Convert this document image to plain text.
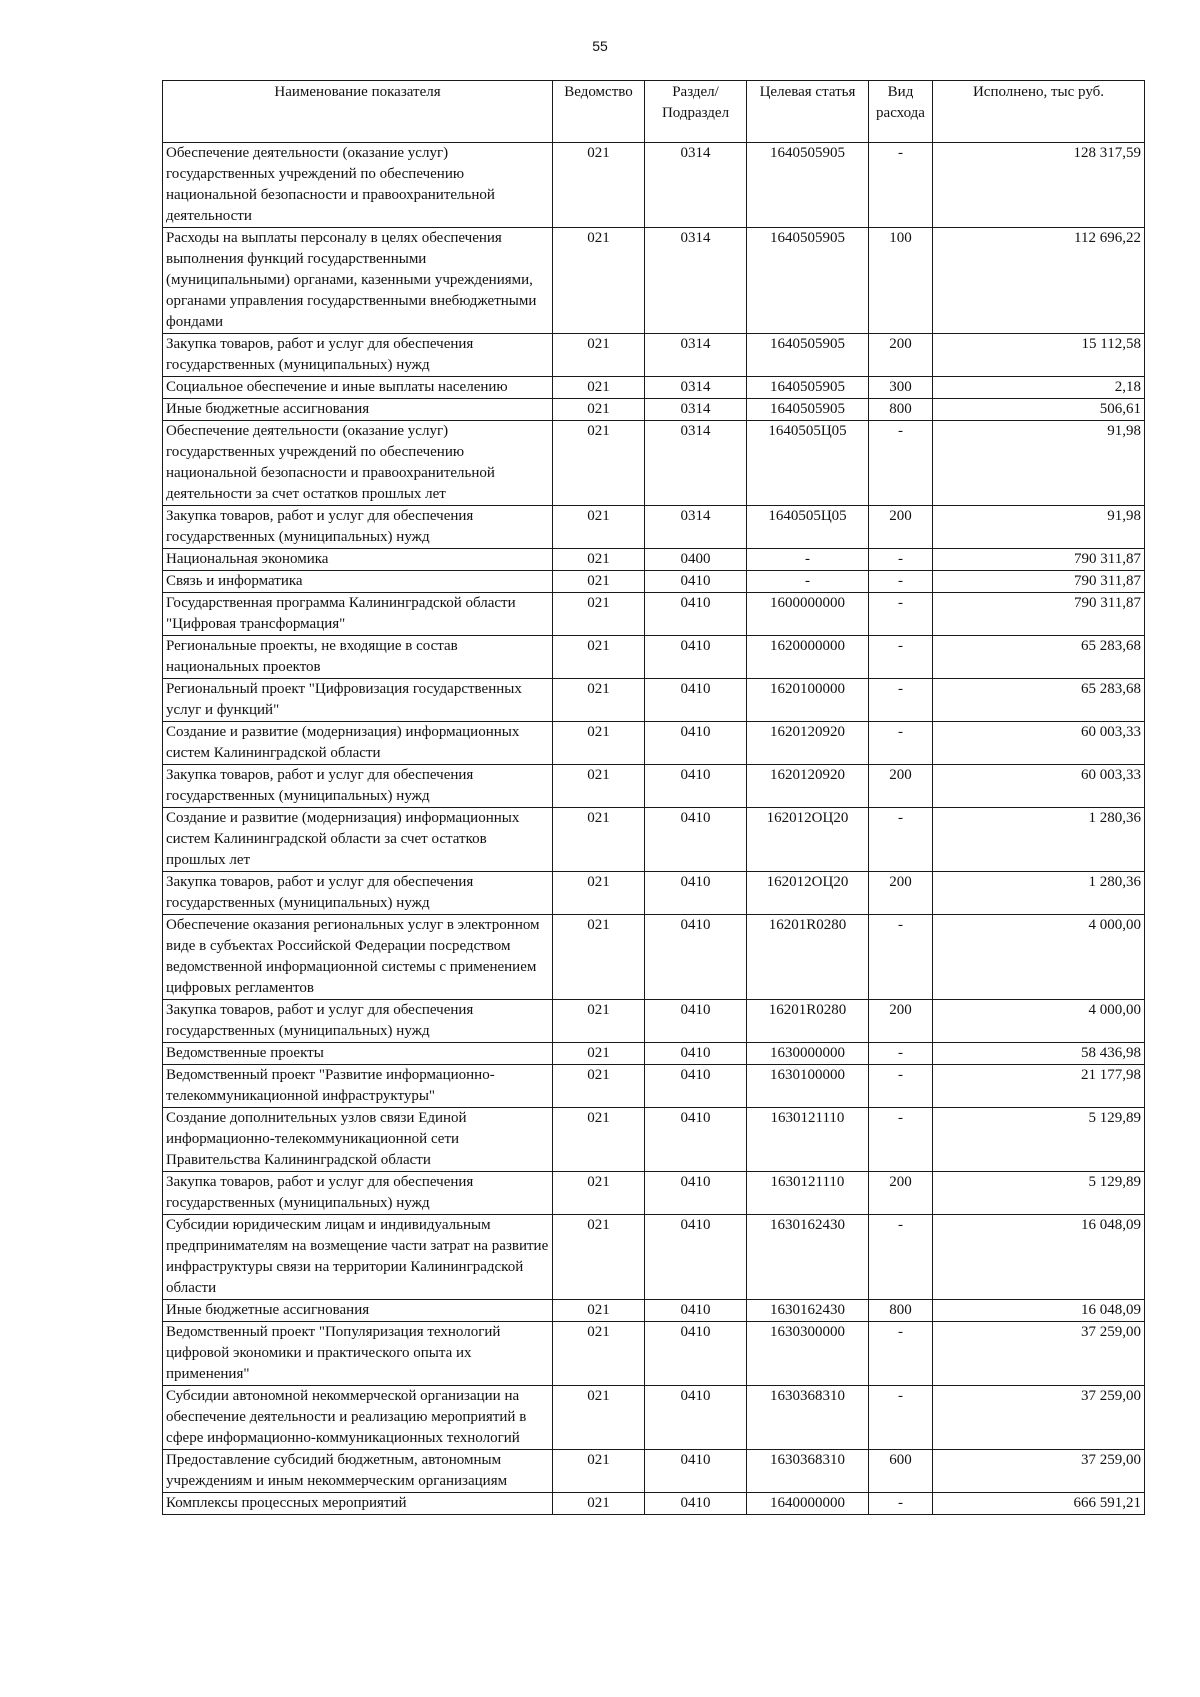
55
Наименование показателя	Ведомство	Раздел/ Подраздел	Целевая статья	Вид расхода	Исполнено, тыс руб.
Обеспечение деятельности (оказание услуг) государственных учреждений по обеспечению национальной безопасности и правоохранительной деятельности	021	0314	1640505905	-	128 317,59
Расходы на выплаты персоналу в целях обеспечения выполнения функций государственными (муниципальными) органами, казенными учреждениями, органами управления государственными внебюджетными фондами	021	0314	1640505905	100	112 696,22
Закупка товаров, работ и услуг для обеспечения государственных (муниципальных) нужд	021	0314	1640505905	200	15 112,58
Социальное обеспечение и иные выплаты населению	021	0314	1640505905	300	2,18
Иные бюджетные ассигнования	021	0314	1640505905	800	506,61
Обеспечение деятельности (оказание услуг) государственных учреждений по обеспечению национальной безопасности и правоохранительной деятельности за счет остатков прошлых лет	021	0314	1640505Ц05	-	91,98
Закупка товаров, работ и услуг для обеспечения государственных (муниципальных) нужд	021	0314	1640505Ц05	200	91,98
Национальная экономика	021	0400	-	-	790 311,87
Связь и информатика	021	0410	-	-	790 311,87
Государственная программа Калининградской области "Цифровая трансформация"	021	0410	1600000000	-	790 311,87
Региональные проекты, не входящие в состав национальных проектов	021	0410	1620000000	-	65 283,68
Региональный проект "Цифровизация государственных услуг и функций"	021	0410	1620100000	-	65 283,68
Создание и развитие (модернизация) информационных систем Калининградской области	021	0410	1620120920	-	60 003,33
Закупка товаров, работ и услуг для обеспечения государственных (муниципальных) нужд	021	0410	1620120920	200	60 003,33
Создание и развитие (модернизация) информационных систем Калининградской области за счет остатков прошлых лет	021	0410	162012ОЦ20	-	1 280,36
Закупка товаров, работ и услуг для обеспечения государственных (муниципальных) нужд	021	0410	162012ОЦ20	200	1 280,36
Обеспечение оказания региональных услуг в электронном виде в субъектах Российской Федерации посредством ведомственной информационной системы с применением цифровых регламентов	021	0410	16201R0280	-	4 000,00
Закупка товаров, работ и услуг для обеспечения государственных (муниципальных) нужд	021	0410	16201R0280	200	4 000,00
Ведомственные проекты	021	0410	1630000000	-	58 436,98
Ведомственный проект "Развитие информационно-телекоммуникационной инфраструктуры"	021	0410	1630100000	-	21 177,98
Создание дополнительных узлов связи Единой информационно-телекоммуникационной сети Правительства Калининградской области	021	0410	1630121110	-	5 129,89
Закупка товаров, работ и услуг для обеспечения государственных (муниципальных) нужд	021	0410	1630121110	200	5 129,89
Субсидии юридическим лицам и индивидуальным предпринимателям на возмещение части затрат на развитие инфраструктуры связи на территории Калининградской области	021	0410	1630162430	-	16 048,09
Иные бюджетные ассигнования	021	0410	1630162430	800	16 048,09
Ведомственный проект "Популяризация технологий цифровой экономики и практического опыта их применения"	021	0410	1630300000	-	37 259,00
Субсидии автономной некоммерческой организации на обеспечение деятельности и реализацию мероприятий в сфере информационно-коммуникационных технологий	021	0410	1630368310	-	37 259,00
Предоставление субсидий бюджетным, автономным учреждениям и иным некоммерческим организациям	021	0410	1630368310	600	37 259,00
Комплексы процессных мероприятий	021	0410	1640000000	-	666 591,21
